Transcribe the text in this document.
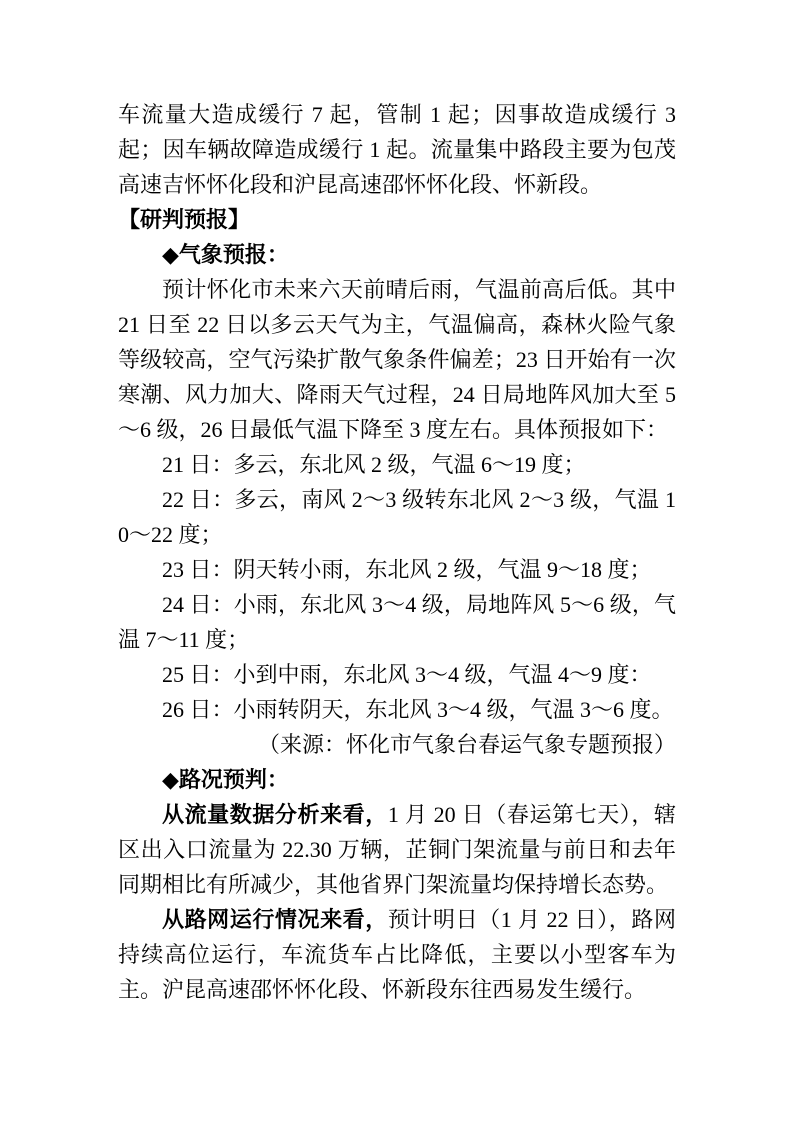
车流量大造成缓行 7 起，管制 1 起；因事故造成缓行 3 起；因车辆故障造成缓行 1 起。流量集中路段主要为包茂高速吉怀怀化段和沪昆高速邵怀怀化段、怀新段。

【研判预报】

◆气象预报：

预计怀化市未来六天前晴后雨，气温前高后低。其中 21 日至 22 日以多云天气为主，气温偏高，森林火险气象等级较高，空气污染扩散气象条件偏差；23 日开始有一次寒潮、风力加大、降雨天气过程，24 日局地阵风加大至 5～6 级，26 日最低气温下降至 3 度左右。具体预报如下：

21 日：多云，东北风 2 级，气温 6～19 度；

22 日：多云，南风 2～3 级转东北风 2～3 级，气温 10～22 度；

23 日：阴天转小雨，东北风 2 级，气温 9～18 度；

24 日：小雨，东北风 3～4 级，局地阵风 5～6 级，气温 7～11 度；

25 日：小到中雨，东北风 3～4 级，气温 4～9 度：

26 日：小雨转阴天，东北风 3～4 级，气温 3～6 度。

（来源：怀化市气象台春运气象专题预报）

◆路况预判：

从流量数据分析来看，1 月 20 日（春运第七天），辖区出入口流量为 22.30 万辆，芷铜门架流量与前日和去年同期相比有所减少，其他省界门架流量均保持增长态势。

从路网运行情况来看，预计明日（1 月 22 日），路网持续高位运行，车流货车占比降低，主要以小型客车为主。沪昆高速邵怀怀化段、怀新段东往西易发生缓行。
